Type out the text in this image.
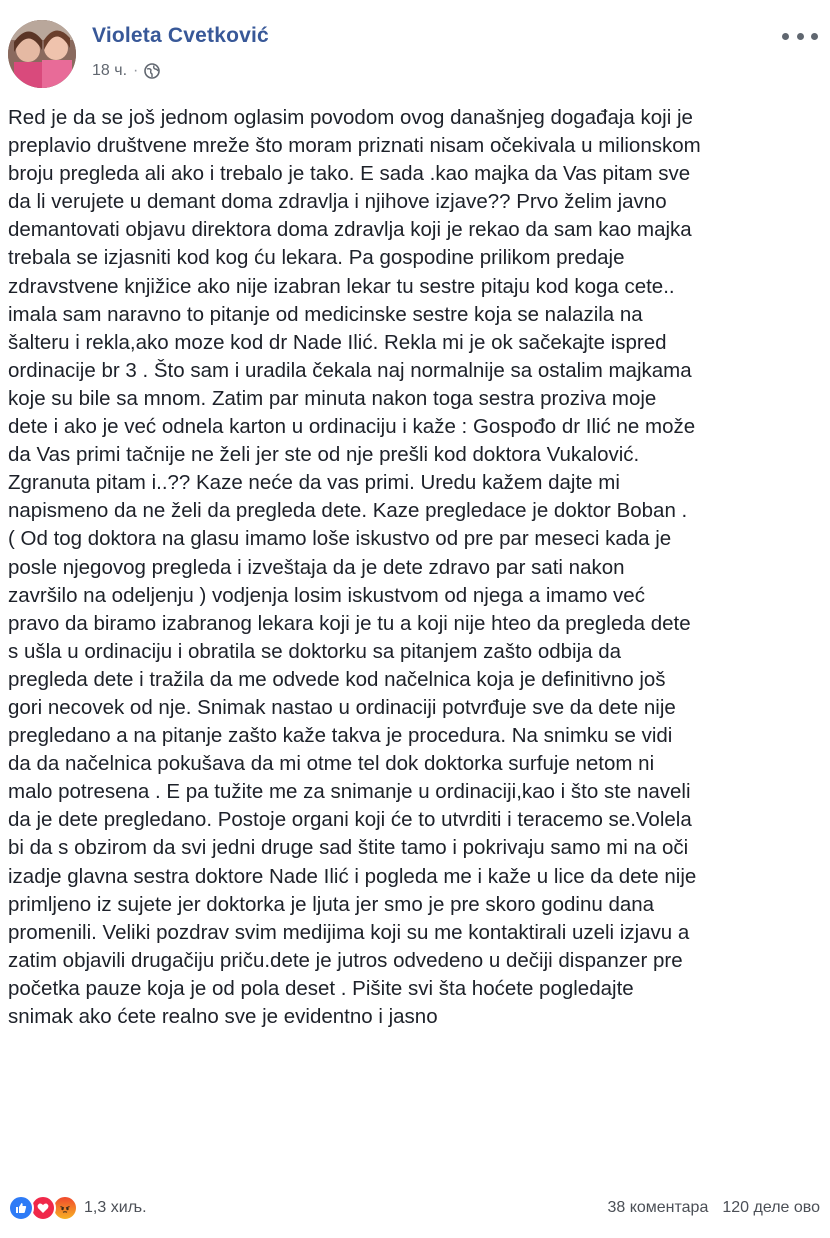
Violeta Cvetković
18 ч. ·
Red je da se još jednom oglasim povodom ovog današnjeg događaja koji je
preplavio društvene mreže što moram priznati nisam očekivala u milionskom
broju pregleda ali ako i trebalo je tako. E sada .kao majka da Vas pitam sve
da li verujete u demant doma zdravlja i njihove izjave?? Prvo želim javno
demantovati objavu direktora doma zdravlja koji je rekao da sam kao majka
trebala se izjasniti kod kog ću lekara. Pa gospodine prilikom predaje
zdravstvene knjižice ako nije izabran lekar tu sestre pitaju kod koga cete..
imala sam naravno to pitanje od medicinske sestre koja se nalazila na
šalteru i rekla,ako moze kod dr Nade Ilić. Rekla mi je ok sačekajte ispred
ordinacije br 3 . Što sam i uradila čekala naj normalnije sa ostalim majkama
koje su bile sa mnom. Zatim par minuta nakon toga sestra proziva moje
dete i ako je već odnela karton u ordinaciju i kaže : Gospođo dr Ilić ne može
da Vas primi tačnije ne želi jer ste od nje prešli kod doktora Vukalović.
Zgranuta pitam i..?? Kaze neće da vas primi. Uredu kažem dajte mi
napismeno da ne želi da pregleda dete. Kaze pregledace je doktor Boban .
( Od tog doktora na glasu imamo loše iskustvo od pre par meseci kada je
posle njegovog pregleda i izveštaja da je dete zdravo par sati nakon
završilo na odeljenju ) vodjenja losim iskustvom od njega a imamo već
pravo da biramo izabranog lekara koji je tu a koji nije hteo da pregleda dete
s ušla u ordinaciju i obratila se doktorku sa pitanjem zašto odbija da
pregleda dete i tražila da me odvede kod načelnica koja je definitivno još
gori necovek od nje. Snimak nastao u ordinaciji potvrđuje sve da dete nije
pregledano a na pitanje zašto kaže takva je procedura. Na snimku se vidi
da da načelnica pokušava da mi otme tel dok doktorka surfuje netom ni
malo potresena . E pa tužite me za snimanje u ordinaciji,kao i što ste naveli
da je dete pregledano. Postoje organi koji će to utvrditi i teracemo se.Volela
bi da s obzirom da svi jedni druge sad štite tamo i pokrivaju samo mi na oči
izadje glavna sestra doktore Nade Ilić i pogleda me i kaže u lice da dete nije
primljeno iz sujete jer doktorka je ljuta jer smo je pre skoro godinu dana
promenili. Veliki pozdrav svim medijima koji su me kontaktirali uzeli izjavu a
zatim objavili drugačiju priču.dete je jutros odvedeno u dečiji dispanzer pre
početka pauze koja je od pola deset . Pišite svi šta hoćete pogledajte
snimak ako ćete realno sve je evidentno i jasno
1,3 хиљ.	38 коментара 120 деле ово
